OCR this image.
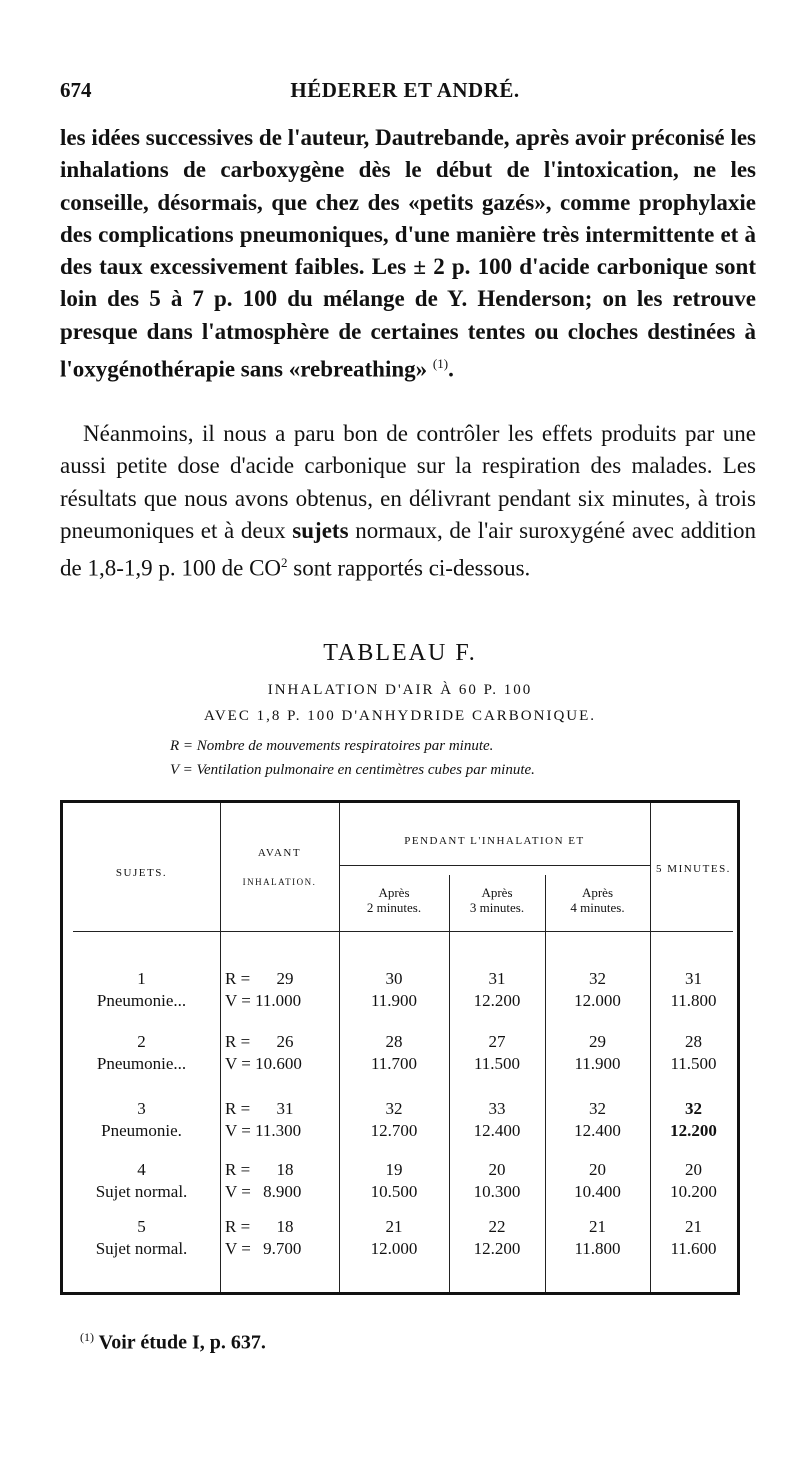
674	HÉDERER ET ANDRÉ.
les idées successives de l'auteur, Dautrebande, après avoir préconisé les inhalations de carboxygène dès le début de l'intoxication, ne les conseille, désormais, que chez des «petits gazés», comme prophylaxie des complications pneumoniques, d'une manière très intermittente et à des taux excessivement faibles. Les ± 2 p. 100 d'acide carbonique sont loin des 5 à 7 p. 100 du mélange de Y. Henderson; on les retrouve presque dans l'atmosphère de certaines tentes ou cloches destinées à l'oxygénothérapie sans «rebreathing» $^{(1)}$.
 Néanmoins, il nous a paru bon de contrôler les effets produits par une aussi petite dose d'acide carbonique sur la respiration des malades. Les résultats que nous avons obtenus, en délivrant pendant six minutes, à trois pneumoniques et à deux sujets normaux, de l'air suroxygéné avec addition de 1,8-1,9 p. 100 de $CO^2$ sont rapportés ci-dessous.
TABLEAU F.
INHALATION D'AIR À 60 P. 100
AVEC 1,8 P. 100 D'ANHYDRIDE CARBONIQUE.
R = Nombre de mouvements respiratoires par minute.
V = Ventilation pulmonaire en centimètres cubes par minute.
SUJETS.
AVANT
INHALATION.
PENDANT L'INHALATION ET
5 MINUTES.
Après
2 minutes.
Après
3 minutes.
Après
4 minutes.
1
Pneumonie...
R = 29
V = 11.000
30
11.900
31
12.200
32
12.000
31
11.800
2
Pneumonie...
R = 26
V = 10.600
28
11.700
27
11.500
29
11.900
28
11.500
3
Pneumonie.
R = 31
V = 11.300
32
12.700
33
12.400
32
12.400
32
12.200
4
Sujet normal.
R = 18
V = 8.900
19
10.500
20
10.300
20
10.400
20
10.200
5
Sujet normal.
R = 18
V = 9.700
21
12.000
22
12.200
21
11.800
21
11.600
$^{(1)}$ Voir étude I, p. 637.
